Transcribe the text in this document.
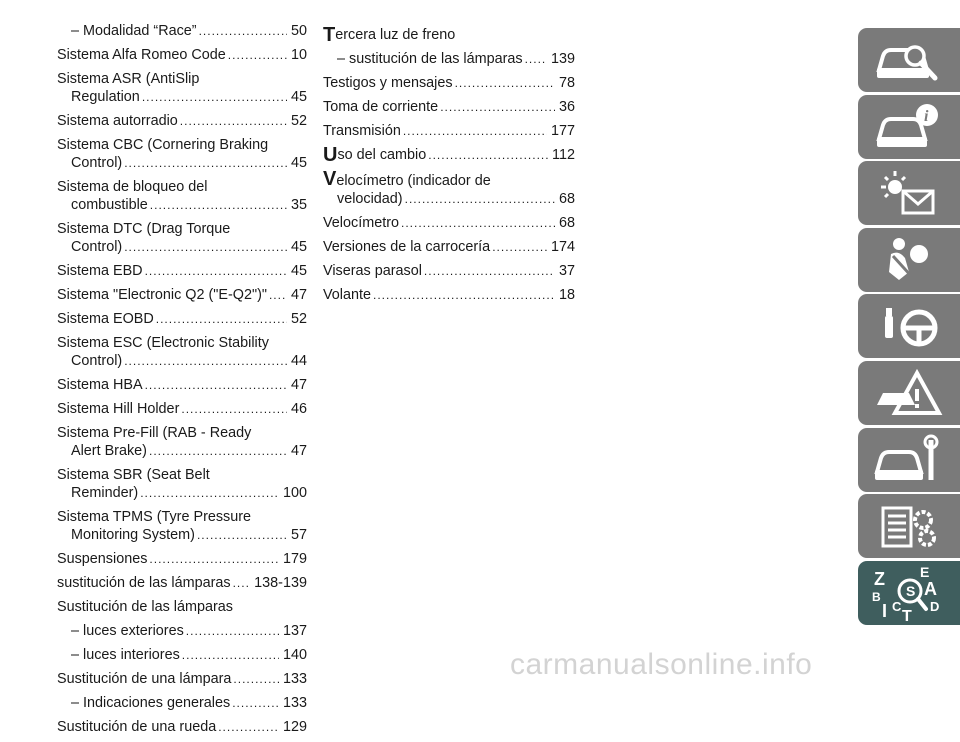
– Modalidad “Race” .....	50
Sistema Alfa Romeo Code .....	10
Sistema ASR (AntiSlip
Regulation .....	45
Sistema autorradio .....	52
Sistema CBC (Cornering Braking
Control) .....	45
Sistema de bloqueo del
combustible .....	35
Sistema DTC (Drag Torque
Control) .....	45
Sistema EBD .....	45
Sistema "Electronic Q2 ("E-Q2")" ..... 47
Sistema EOBD .....	52
Sistema ESC (Electronic Stability
Control) .....	44
Sistema HBA .....	47
Sistema Hill Holder .....	46
Sistema Pre-Fill (RAB - Ready
Alert Brake) .....	47
Sistema SBR (Seat Belt
Reminder) .....	100
Sistema TPMS (Tyre Pressure
Monitoring System) .....	57
Suspensiones .....	179
sustitución de las lámparas ..... 138-139
Sustitución de las lámparas
– luces exteriores .....	137
– luces interiores .....	140
Sustitución de una lámpara .....	133
– Indicaciones generales .....	133
Sustitución de una rueda .....	129
T ercera luz de freno
– sustitución de las lámparas ..... 139
Testigos y mensajes .....	78
Toma de corriente .....	36
Transmisión .....	177
U so del cambio .....	112
Velocímetro (indicador de
velocidad) .....	68
Velocímetro .....	68
Versiones de la carrocería .....	174
Viseras parasol .....	37
Volante .....	18
i
S
Z	E
A
B
I C
T
D
carmanualsonline.info
